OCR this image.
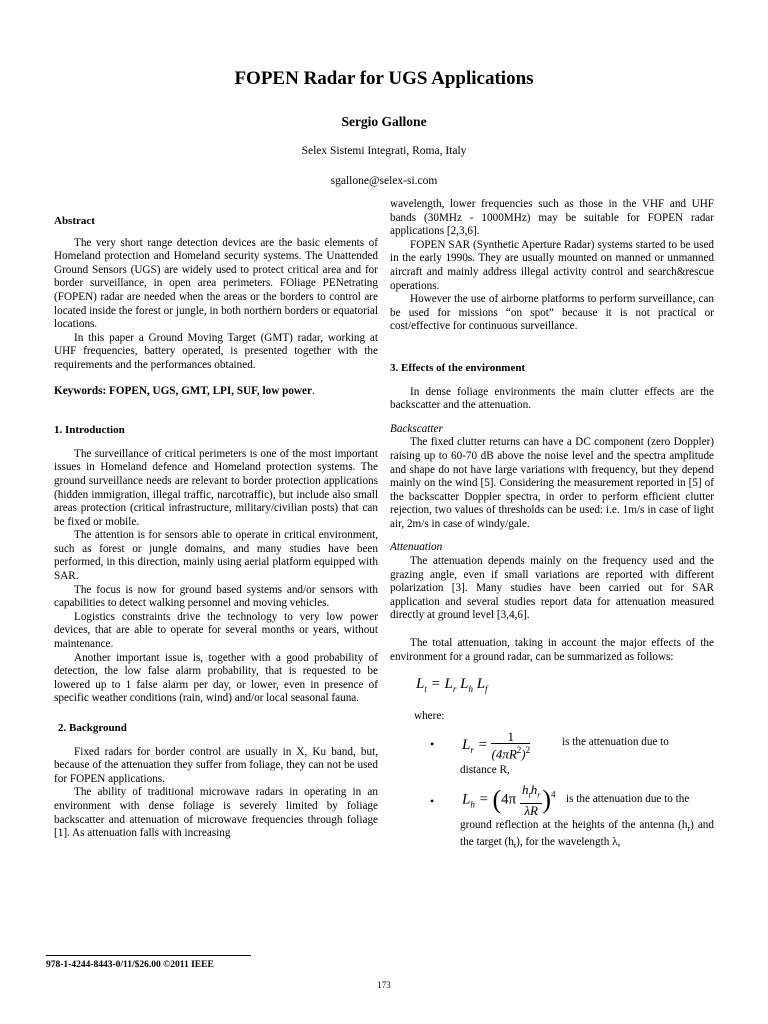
FOPEN Radar for UGS Applications
Sergio Gallone
Selex Sistemi Integrati, Roma, Italy
sgallone@selex-si.com
Abstract

The very short range detection devices are the basic elements of Homeland protection and Homeland security systems. The Unattended Ground Sensors (UGS) are widely used to protect critical area and for border surveillance, in open area perimeters. FOliage PENetrating (FOPEN) radar are needed when the areas or the borders to control are located inside the forest or jungle, in both northern borders or equatorial locations.

In this paper a Ground Moving Target (GMT) radar, working at UHF frequencies, battery operated, is presented together with the requirements and the performances obtained.

Keywords: FOPEN, UGS, GMT, LPI, SUF, low power.

1. Introduction

The surveillance of critical perimeters is one of the most important issues in Homeland defence and Homeland protection systems. The ground surveillance needs are relevant to border protection applications (hidden immigration, illegal traffic, narcotraffic), but include also small areas protection (critical infrastructure, military/civilian posts) that can be fixed or mobile.

The attention is for sensors able to operate in critical environment, such as forest or jungle domains, and many studies have been performed, in this direction, mainly using aerial platform equipped with SAR.

The focus is now for ground based systems and/or sensors with capabilities to detect walking personnel and moving vehicles.

Logistics constraints drive the technology to very low power devices, that are able to operate for several months or years, without maintenance.

Another important issue is, together with a good probability of detection, the low false alarm probability, that is requested to be lowered up to 1 false alarm per day, or lower, even in presence of specific weather conditions (rain, wind) and/or local seasonal fauna.

2. Background

Fixed radars for border control are usually in X, Ku band, but, because of the attenuation they suffer from foliage, they can not be used for FOPEN applications.

The ability of traditional microwave radars in operating in an environment with dense foliage is severely limited by foliage backscatter and attenuation of microwave frequencies through foliage [1]. As attenuation falls with increasing

wavelength, lower frequencies such as those in the VHF and UHF bands (30MHz - 1000MHz) may be suitable for FOPEN radar applications [2,3,6].

FOPEN SAR (Synthetic Aperture Radar) systems started to be used in the early 1990s. They are usually mounted on manned or unmanned aircraft and mainly address illegal activity control and search&rescue operations.

However the use of airborne platforms to perform surveillance, can be used for missions “on spot” because it is not practical or cost/effective for continuous surveillance.

3. Effects of the environment

In dense foliage environments the main clutter effects are the backscatter and the attenuation.

Backscatter

The fixed clutter returns can have a DC component (zero Doppler) raising up to 60-70 dB above the noise level and the spectra amplitude and shape do not have large variations with frequency, but they depend mainly on the wind [5]. Considering the measurement reported in [5] of the backscatter Doppler spectra, in order to perform efficient clutter rejection, two values of thresholds can be used: i.e. 1m/s in case of light air, 2m/s in case of windy/gale.

Attenuation

The attenuation depends mainly on the frequency used and the grazing angle, even if small variations are reported with different polarization [3]. Many studies have been carried out for SAR application and several studies report data for attenuation measured directly at ground level [3,4,6].

The total attenuation, taking in account the major effects of the environment for a ground radar, can be summarized as follows:

$L_t = L_r$ $L_h$ $L_f$
where:
• $L_r = \frac{1}{(4\pi R^2)^2}$	is the attenuation due to
distance R,
• $L_h = (4\pi \frac{h_th_r}{\lambda R} )^4$ is the attenuation due to the

ground reflection at the heights of the antenna $(h_r)$ and the target $(h_t)$, for the wavelength λ,

978-1-4244-8443-0/11/$26.00 ©2011 IEEE
173
